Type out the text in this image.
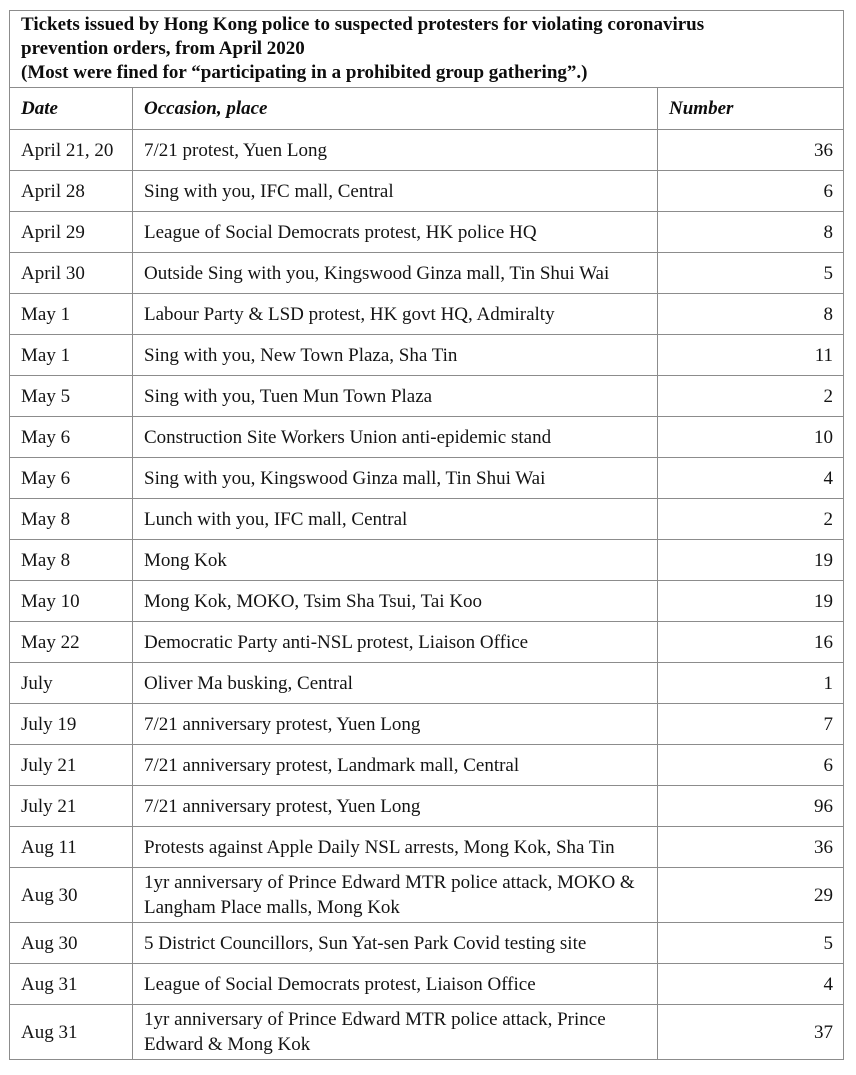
Tickets issued by Hong Kong police to suspected protesters for violating coronavirus
prevention orders, from April 2020
(Most were fined for “participating in a prohibited group gathering”.)		

Date	Occasion, place	Number
April 21, 20	7/21 protest, Yuen Long	36
April 28	Sing with you, IFC mall, Central	6
April 29	League of Social Democrats protest, HK police HQ	8
April 30	Outside Sing with you, Kingswood Ginza mall, Tin Shui Wai	5
May 1	Labour Party & LSD protest, HK govt HQ, Admiralty	8
May 1	Sing with you, New Town Plaza, Sha Tin	11
May 5	Sing with you, Tuen Mun Town Plaza	2
May 6	Construction Site Workers Union anti-epidemic stand	10
May 6	Sing with you, Kingswood Ginza mall, Tin Shui Wai	4
May 8	Lunch with you, IFC mall, Central	2
May 8	Mong Kok	19
May 10	Mong Kok, MOKO, Tsim Sha Tsui, Tai Koo	19
May 22	Democratic Party anti-NSL protest, Liaison Office	16
July	Oliver Ma busking, Central	1
July 19	7/21 anniversary protest, Yuen Long	7
July 21	7/21 anniversary protest, Landmark mall, Central	6
July 21	7/21 anniversary protest, Yuen Long	96
Aug 11	Protests against Apple Daily NSL arrests, Mong Kok, Sha Tin	36
Aug 30	1yr anniversary of Prince Edward MTR police attack, MOKO & Langham Place malls, Mong Kok	29
Aug 30	5 District Councillors, Sun Yat-sen Park Covid testing site	5
Aug 31	League of Social Democrats protest, Liaison Office	4
Aug 31	1yr anniversary of Prince Edward MTR police attack, Prince Edward & Mong Kok	37
